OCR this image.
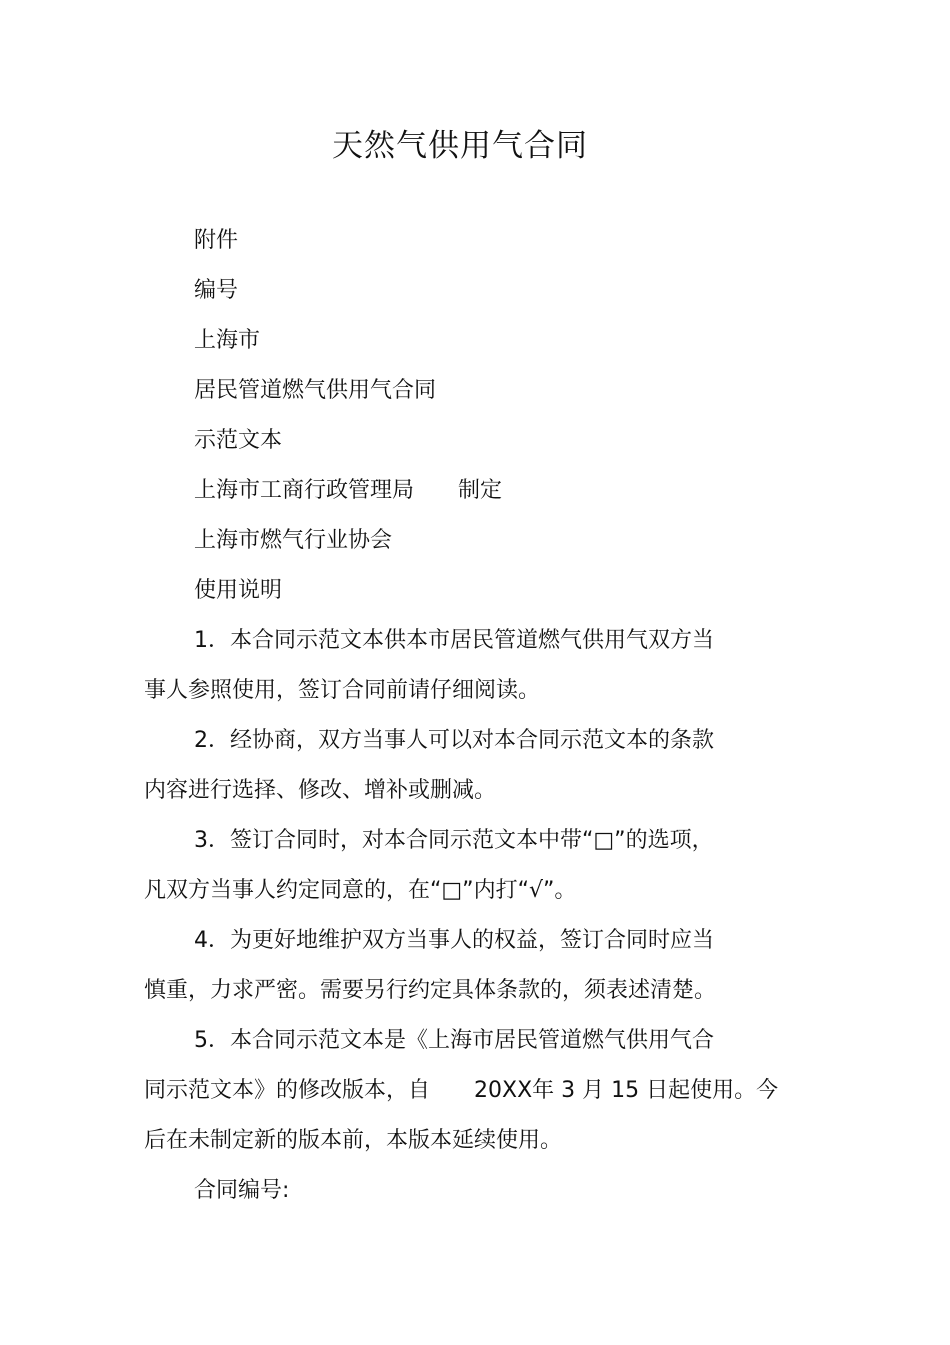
天然气供用气合同

附件

编号

上海市

居民管道燃气供用气合同

示范文本

上海市工商行政管理局　　制定

上海市燃气行业协会

使用说明

1．本合同示范文本供本市居民管道燃气供用气双方当

事人参照使用，签订合同前请仔细阅读。

2．经协商，双方当事人可以对本合同示范文本的条款

内容进行选择、修改、增补或删减。

3．签订合同时，对本合同示范文本中带“□”的选项，

凡双方当事人约定同意的，在“□”内打“√”。

4．为更好地维护双方当事人的权益，签订合同时应当

慎重，力求严密。需要另行约定具体条款的，须表述清楚。

5．本合同示范文本是《上海市居民管道燃气供用气合

同示范文本》的修改版本，自　　20XX年 3 月 15 日起使用。今

后在未制定新的版本前，本版本延续使用。

合同编号:
